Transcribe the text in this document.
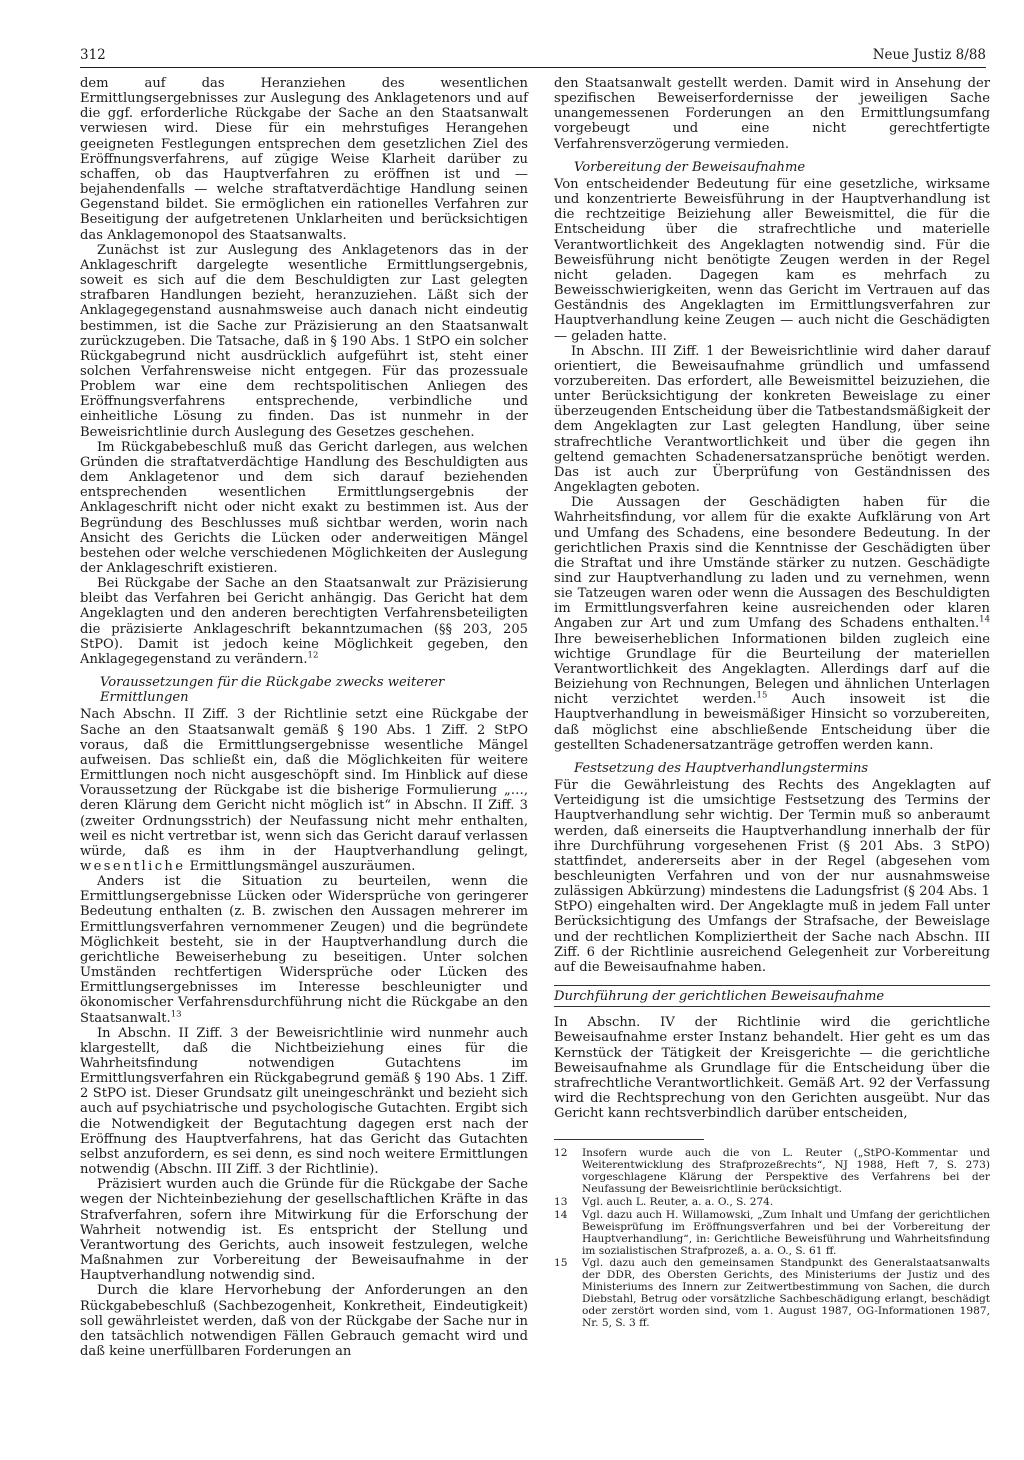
312	Neue Justiz 8/88

dem auf das Heranziehen des wesentlichen Ermittlungsergebnisses zur Auslegung des Anklagetenors und auf die ggf. erforderliche Rückgabe der Sache an den Staatsanwalt verwiesen wird. Diese für ein mehrstufiges Herangehen geeigneten Festlegungen entsprechen dem gesetzlichen Ziel des Eröffnungsverfahrens, auf zügige Weise Klarheit darüber zu schaffen, ob das Hauptverfahren zu eröffnen ist und — bejahendenfalls — welche straftatverdächtige Handlung seinen Gegenstand bildet. Sie ermöglichen ein rationelles Verfahren zur Beseitigung der aufgetretenen Unklarheiten und berücksichtigen das Anklagemonopol des Staatsanwalts.

Zunächst ist zur Auslegung des Anklagetenors das in der Anklageschrift dargelegte wesentliche Ermittlungsergebnis, soweit es sich auf die dem Beschuldigten zur Last gelegten strafbaren Handlungen bezieht, heranzuziehen. Läßt sich der Anklagegegenstand ausnahmsweise auch danach nicht eindeutig bestimmen, ist die Sache zur Präzisierung an den Staatsanwalt zurückzugeben. Die Tatsache, daß in § 190 Abs. 1 StPO ein solcher Rückgabegrund nicht ausdrücklich aufgeführt ist, steht einer solchen Verfahrensweise nicht entgegen. Für das prozessuale Problem war eine dem rechtspolitischen Anliegen des Eröffnungsverfahrens entsprechende, verbindliche und einheitliche Lösung zu finden. Das ist nunmehr in der Beweisrichtlinie durch Auslegung des Gesetzes geschehen.

Im Rückgabebeschluß muß das Gericht darlegen, aus welchen Gründen die straftatverdächtige Handlung des Beschuldigten aus dem Anklagetenor und dem sich darauf beziehenden entsprechenden wesentlichen Ermittlungsergebnis der Anklageschrift nicht oder nicht exakt zu bestimmen ist. Aus der Begründung des Beschlusses muß sichtbar werden, worin nach Ansicht des Gerichts die Lücken oder anderweitigen Mängel bestehen oder welche verschiedenen Möglichkeiten der Auslegung der Anklageschrift existieren.

Bei Rückgabe der Sache an den Staatsanwalt zur Präzisierung bleibt das Verfahren bei Gericht anhängig. Das Gericht hat dem Angeklagten und den anderen berechtigten Verfahrensbeteiligten die präzisierte Anklageschrift bekanntzumachen (§§ 203, 205 StPO). Damit ist jedoch keine Möglichkeit gegeben, den Anklagegegenstand zu verändern.$^{12}$

Voraussetzungen für die Rückgabe zwecks weiterer Ermittlungen

Nach Abschn. II Ziff. 3 der Richtlinie setzt eine Rückgabe der Sache an den Staatsanwalt gemäß § 190 Abs. 1 Ziff. 2 StPO voraus, daß die Ermittlungsergebnisse wesentliche Mängel aufweisen. Das schließt ein, daß die Möglichkeiten für weitere Ermittlungen noch nicht ausgeschöpft sind. Im Hinblick auf diese Voraussetzung der Rückgabe ist die bisherige Formulierung „…, deren Klärung dem Gericht nicht möglich ist“ in Abschn. II Ziff. 3 (zweiter Ordnungsstrich) der Neufassung nicht mehr enthalten, weil es nicht vertretbar ist, wenn sich das Gericht darauf verlassen würde, daß es ihm in der Hauptverhandlung gelingt, wesentliche Ermittlungsmängel auszuräumen.

Anders ist die Situation zu beurteilen, wenn die Ermittlungsergebnisse Lücken oder Widersprüche von geringerer Bedeutung enthalten (z. B. zwischen den Aussagen mehrerer im Ermittlungsverfahren vernommener Zeugen) und die begründete Möglichkeit besteht, sie in der Hauptverhandlung durch die gerichtliche Beweiserhebung zu beseitigen. Unter solchen Umständen rechtfertigen Widersprüche oder Lücken des Ermittlungsergebnisses im Interesse beschleunigter und ökonomischer Verfahrensdurchführung nicht die Rückgabe an den Staatsanwalt.$^{13}$

In Abschn. II Ziff. 3 der Beweisrichtlinie wird nunmehr auch klargestellt, daß die Nichtbeiziehung eines für die Wahrheitsfindung notwendigen Gutachtens im Ermittlungsverfahren ein Rückgabegrund gemäß § 190 Abs. 1 Ziff. 2 StPO ist. Dieser Grundsatz gilt uneingeschränkt und bezieht sich auch auf psychiatrische und psychologische Gutachten. Ergibt sich die Notwendigkeit der Begutachtung dagegen erst nach der Eröffnung des Hauptverfahrens, hat das Gericht das Gutachten selbst anzufordern, es sei denn, es sind noch weitere Ermittlungen notwendig (Abschn. III Ziff. 3 der Richtlinie).

Präzisiert wurden auch die Gründe für die Rückgabe der Sache wegen der Nichteinbeziehung der gesellschaftlichen Kräfte in das Strafverfahren, sofern ihre Mitwirkung für die Erforschung der Wahrheit notwendig ist. Es entspricht der Stellung und Verantwortung des Gerichts, auch insoweit festzulegen, welche Maßnahmen zur Vorbereitung der Beweisaufnahme in der Hauptverhandlung notwendig sind.

Durch die klare Hervorhebung der Anforderungen an den Rückgabebeschluß (Sachbezogenheit, Konkretheit, Eindeutigkeit) soll gewährleistet werden, daß von der Rückgabe der Sache nur in den tatsächlich notwendigen Fällen Gebrauch gemacht wird und daß keine unerfüllbaren Forderungen an

den Staatsanwalt gestellt werden. Damit wird in Ansehung der spezifischen Beweiserfordernisse der jeweiligen Sache unangemessenen Forderungen an den Ermittlungsumfang vorgebeugt und eine nicht gerechtfertigte Verfahrensverzögerung vermieden.

Vorbereitung der Beweisaufnahme

Von entscheidender Bedeutung für eine gesetzliche, wirksame und konzentrierte Beweisführung in der Hauptverhandlung ist die rechtzeitige Beiziehung aller Beweismittel, die für die Entscheidung über die strafrechtliche und materielle Verantwortlichkeit des Angeklagten notwendig sind. Für die Beweisführung nicht benötigte Zeugen werden in der Regel nicht geladen. Dagegen kam es mehrfach zu Beweisschwierigkeiten, wenn das Gericht im Vertrauen auf das Geständnis des Angeklagten im Ermittlungsverfahren zur Hauptverhandlung keine Zeugen — auch nicht die Geschädigten — geladen hatte.

In Abschn. III Ziff. 1 der Beweisrichtlinie wird daher darauf orientiert, die Beweisaufnahme gründlich und umfassend vorzubereiten. Das erfordert, alle Beweismittel beizuziehen, die unter Berücksichtigung der konkreten Beweislage zu einer überzeugenden Entscheidung über die Tatbestandsmäßigkeit der dem Angeklagten zur Last gelegten Handlung, über seine strafrechtliche Verantwortlichkeit und über die gegen ihn geltend gemachten Schadenersatzansprüche benötigt werden. Das ist auch zur Überprüfung von Geständnissen des Angeklagten geboten.

Die Aussagen der Geschädigten haben für die Wahrheitsfindung, vor allem für die exakte Aufklärung von Art und Umfang des Schadens, eine besondere Bedeutung. In der gerichtlichen Praxis sind die Kenntnisse der Geschädigten über die Straftat und ihre Umstände stärker zu nutzen. Geschädigte sind zur Hauptverhandlung zu laden und zu vernehmen, wenn sie Tatzeugen waren oder wenn die Aussagen des Beschuldigten im Ermittlungsverfahren keine ausreichenden oder klaren Angaben zur Art und zum Umfang des Schadens enthalten.$^{14}$ Ihre beweiserheblichen Informationen bilden zugleich eine wichtige Grundlage für die Beurteilung der materiellen Verantwortlichkeit des Angeklagten. Allerdings darf auf die Beiziehung von Rechnungen, Belegen und ähnlichen Unterlagen nicht verzichtet werden.$^{15}$ Auch insoweit ist die Hauptverhandlung in beweismäßiger Hinsicht so vorzubereiten, daß möglichst eine abschließende Entscheidung über die gestellten Schadenersatzanträge getroffen werden kann.

Festsetzung des Hauptverhandlungstermins

Für die Gewährleistung des Rechts des Angeklagten auf Verteidigung ist die umsichtige Festsetzung des Termins der Hauptverhandlung sehr wichtig. Der Termin muß so anberaumt werden, daß einerseits die Hauptverhandlung innerhalb der für ihre Durchführung vorgesehenen Frist (§ 201 Abs. 3 StPO) stattfindet, andererseits aber in der Regel (abgesehen vom beschleunigten Verfahren und von der nur ausnahmsweise zulässigen Abkürzung) mindestens die Ladungsfrist (§ 204 Abs. 1 StPO) eingehalten wird. Der Angeklagte muß in jedem Fall unter Berücksichtigung des Umfangs der Strafsache, der Beweislage und der rechtlichen Kompliziertheit der Sache nach Abschn. III Ziff. 6 der Richtlinie ausreichend Gelegenheit zur Vorbereitung auf die Beweisaufnahme haben.

Durchführung der gerichtlichen Beweisaufnahme

In Abschn. IV der Richtlinie wird die gerichtliche Beweisaufnahme erster Instanz behandelt. Hier geht es um das Kernstück der Tätigkeit der Kreisgerichte — die gerichtliche Beweisaufnahme als Grundlage für die Entscheidung über die strafrechtliche Verantwortlichkeit. Gemäß Art. 92 der Verfassung wird die Rechtsprechung von den Gerichten ausgeübt. Nur das Gericht kann rechtsverbindlich darüber entscheiden,

12 Insofern wurde auch die von L. Reuter („StPO-Kommentar und Weiterentwicklung des Strafprozeßrechts“, NJ 1988, Heft 7, S. 273) vorgeschlagene Klärung der Perspektive des Verfahrens bei der Neufassung der Beweisrichtlinie berücksichtigt.
13 Vgl. auch L. Reuter, a. a. O., S. 274.
14 Vgl. dazu auch H. Willamowski, „Zum Inhalt und Umfang der gerichtlichen Beweisprüfung im Eröffnungsverfahren und bei der Vorbereitung der Hauptverhandlung“, in: Gerichtliche Beweisführung und Wahrheitsfindung im sozialistischen Strafprozeß, a. a. O., S. 61 ff.
15 Vgl. dazu auch den gemeinsamen Standpunkt des Generalstaatsanwalts der DDR, des Obersten Gerichts, des Ministeriums der Justiz und des Ministeriums des Innern zur Zeitwertbestimmung von Sachen, die durch Diebstahl, Betrug oder vorsätzliche Sachbeschädigung erlangt, beschädigt oder zerstört worden sind, vom 1. August 1987, OG-Informationen 1987, Nr. 5, S. 3 ff.
